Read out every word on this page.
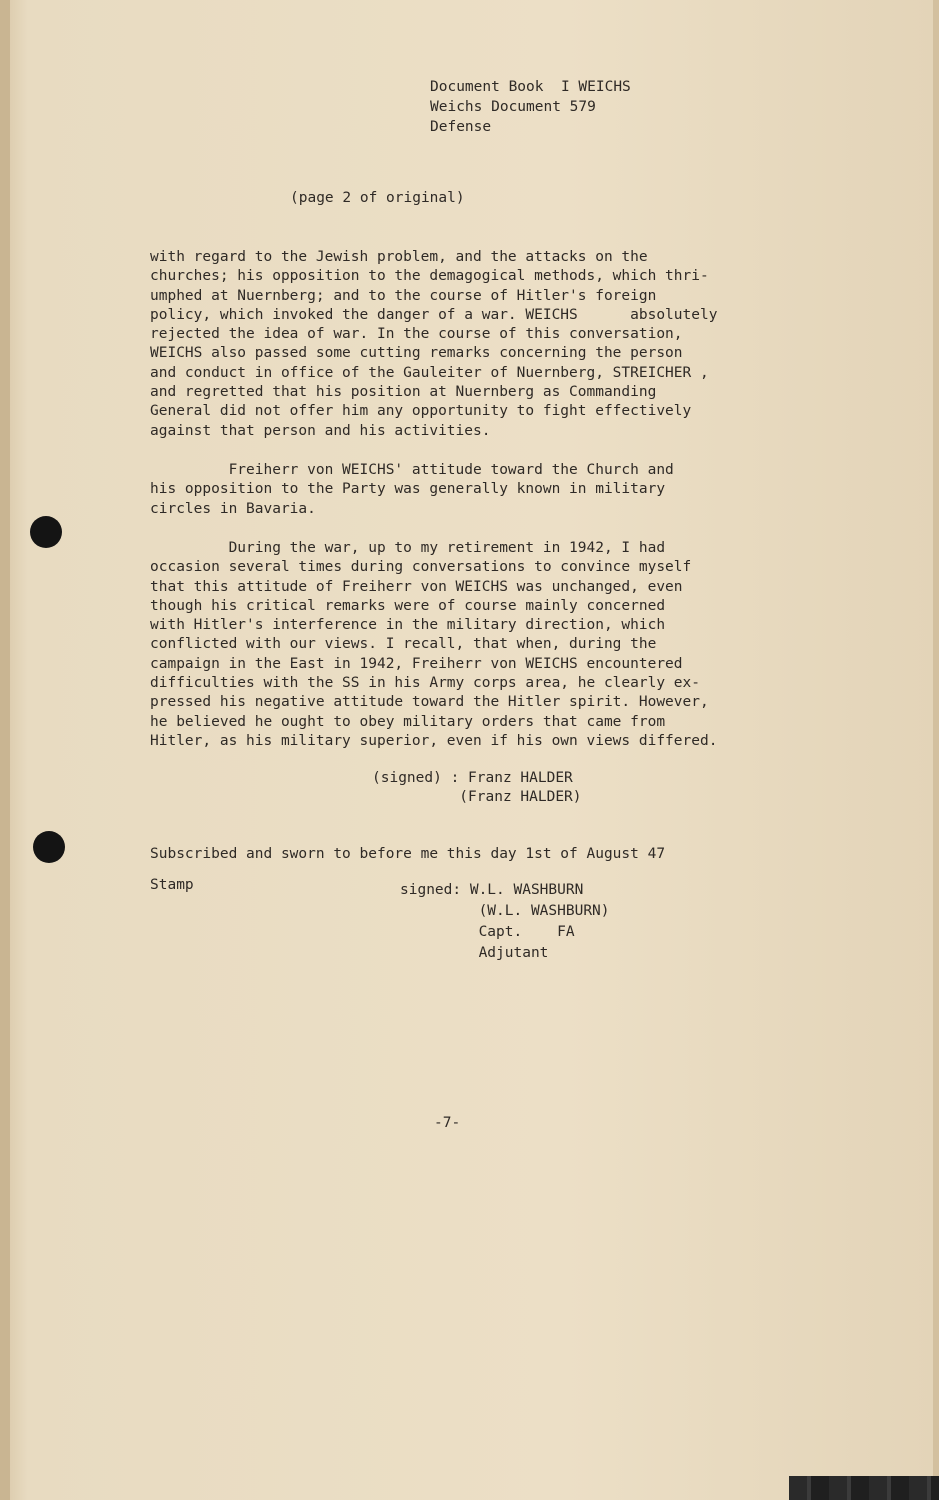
Document Book  I WEICHS
Weichs Document 579
Defense
(page 2 of original)
with regard to the Jewish problem, and the attacks on the
churches; his opposition to the demagogical methods, which thri-
umphed at Nuernberg; and to the course of Hitler's foreign
policy, which invoked the danger of a war. WEICHS      absolutely
rejected the idea of war. In the course of this conversation,
WEICHS also passed some cutting remarks concerning the person
and conduct in office of the Gauleiter of Nuernberg, STREICHER ,
and regretted that his position at Nuernberg as Commanding
General did not offer him any opportunity to fight effectively
against that person and his activities.
Freiherr von WEICHS' attitude toward the Church and
his opposition to the Party was generally known in military
circles in Bavaria.
During the war, up to my retirement in 1942, I had
occasion several times during conversations to convince myself
that this attitude of Freiherr von WEICHS was unchanged, even
though his critical remarks were of course mainly concerned
with Hitler's interference in the military direction, which
conflicted with our views. I recall, that when, during the
campaign in the East in 1942, Freiherr von WEICHS encountered
difficulties with the SS in his Army corps area, he clearly ex-
pressed his negative attitude toward the Hitler spirit. However,
he believed he ought to obey military orders that came from
Hitler, as his military superior, even if his own views differed.
(signed) : Franz HALDER
(Franz HALDER)
Subscribed and sworn to before me this day 1st of August 47
Stamp	signed: W.L. WASHBURN
(W.L. WASHBURN)
Capt.    FA
Adjutant
-7-
